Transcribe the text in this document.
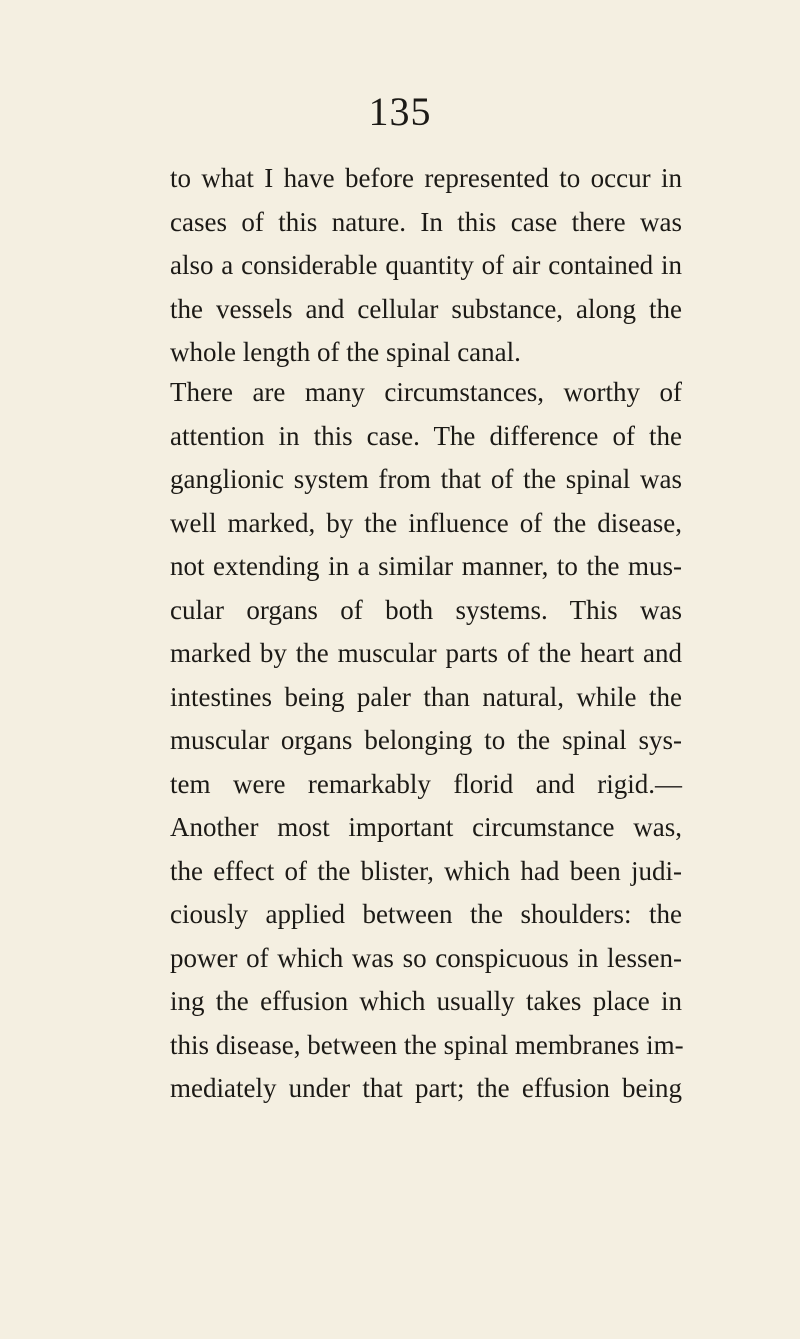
135
to what I have before represented to occur in
cases of this nature. In this case there was
also a considerable quantity of air contained in
the vessels and cellular substance, along the
whole length of the spinal canal.
There are many circumstances, worthy of
attention in this case. The difference of the
ganglionic system from that of the spinal was
well marked, by the influence of the disease,
not extending in a similar manner, to the mus-
cular organs of both systems. This was
marked by the muscular parts of the heart and
intestines being paler than natural, while the
muscular organs belonging to the spinal sys-
tem were remarkably florid and rigid.—
Another most important circumstance was,
the effect of the blister, which had been judi-
ciously applied between the shoulders: the
power of which was so conspicuous in lessen-
ing the effusion which usually takes place in
this disease, between the spinal membranes im-
mediately under that part; the effusion being
